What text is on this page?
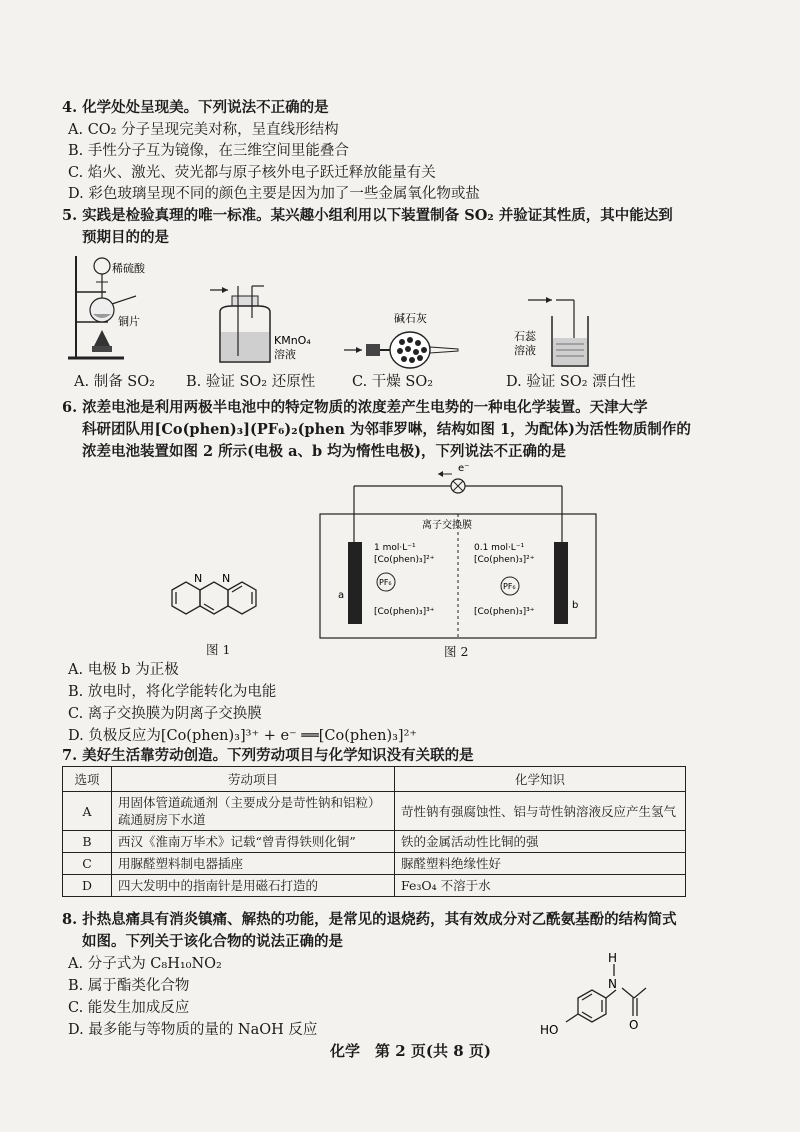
4. 化学处处呈现美。下列说法不正确的是
A. CO₂ 分子呈现完美对称，呈直线形结构
B. 手性分子互为镜像，在三维空间里能叠合
C. 焰火、激光、荧光都与原子核外电子跃迁释放能量有关
D. 彩色玻璃呈现不同的颜色主要是因为加了一些金属氧化物或盐
5. 实践是检验真理的唯一标准。某兴趣小组利用以下装置制备 SO₂ 并验证其性质，其中能达到
预期目的的是
稀硫酸
铜片
KMnO₄
溶液
碱石灰
石蕊
溶液
A. 制备 SO₂ B. 验证 SO₂ 还原性	C. 干燥 SO₂	D. 验证 SO₂ 漂白性
6. 浓差电池是利用两极半电池中的特定物质的浓度差产生电势的一种电化学装置。天津大学
科研团队用[Co(phen)₃](PF₆)₂(phen 为邻菲罗啉，结构如图 1，为配体)为活性物质制作的
浓差电池装置如图 2 所示(电极 a、b 均为惰性电极)，下列说法不正确的是
N N
图 1
e⁻
离子交换膜
1 mol·L⁻¹
[Co(phen)₃]²⁺
PF₆
[Co(phen)₃]³⁺
0.1 mol·L⁻¹
[Co(phen)₃]²⁺
PF₆
[Co(phen)₃]³⁺
a
b
图 2
A. 电极 b 为正极
B. 放电时，将化学能转化为电能
C. 离子交换膜为阴离子交换膜
D. 负极反应为[Co(phen)₃]³⁺ + e⁻ ══[Co(phen)₃]²⁺
7. 美好生活靠劳动创造。下列劳动项目与化学知识没有关联的是
选项	劳动项目	化学知识
A	用固体管道疏通剂（主要成分是苛性钠和铝粒）疏通厨房下水道	苛性钠有强腐蚀性、铝与苛性钠溶液反应产生氢气
B	西汉《淮南万毕术》记载“曾青得铁则化铜”	铁的金属活动性比铜的强
C	用脲醛塑料制电器插座	脲醛塑料绝缘性好
D	四大发明中的指南针是用磁石打造的	Fe₃O₄ 不溶于水
8. 扑热息痛具有消炎镇痛、解热的功能，是常见的退烧药，其有效成分对乙酰氨基酚的结构简式
如图。下列关于该化合物的说法正确的是
A. 分子式为 C₈H₁₀NO₂
B. 属于酯类化合物
C. 能发生加成反应
D. 最多能与等物质的量的 NaOH 反应
H
N
O
HO
化学　第 2 页(共 8 页)
